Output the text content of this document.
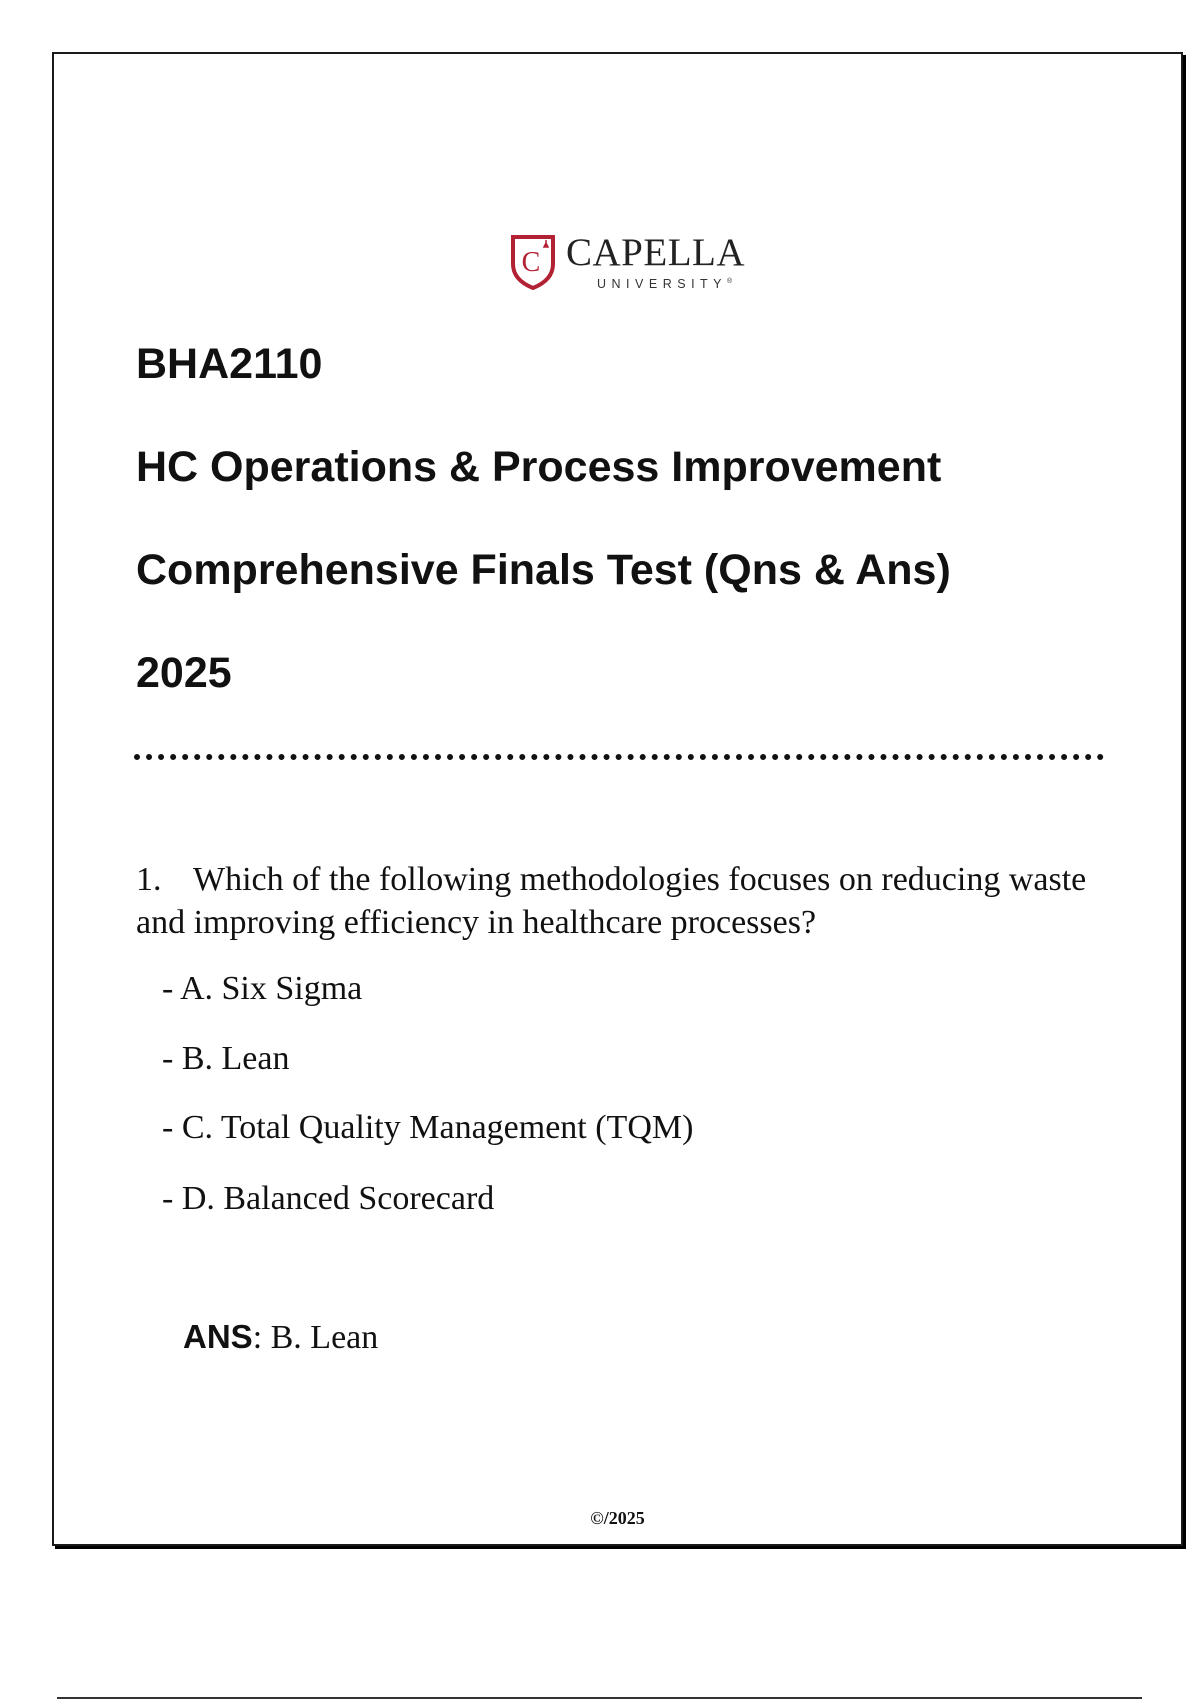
C CAPELLA
UNIVERSITY®
BHA2110
HC Operations & Process Improvement
Comprehensive Finals Test (Qns & Ans)
2025
1. Which of the following methodologies focuses on reducing waste and improving efficiency in healthcare processes?
- A. Six Sigma
- B. Lean
- C. Total Quality Management (TQM)
- D. Balanced Scorecard
ANS: B. Lean
©/2025
